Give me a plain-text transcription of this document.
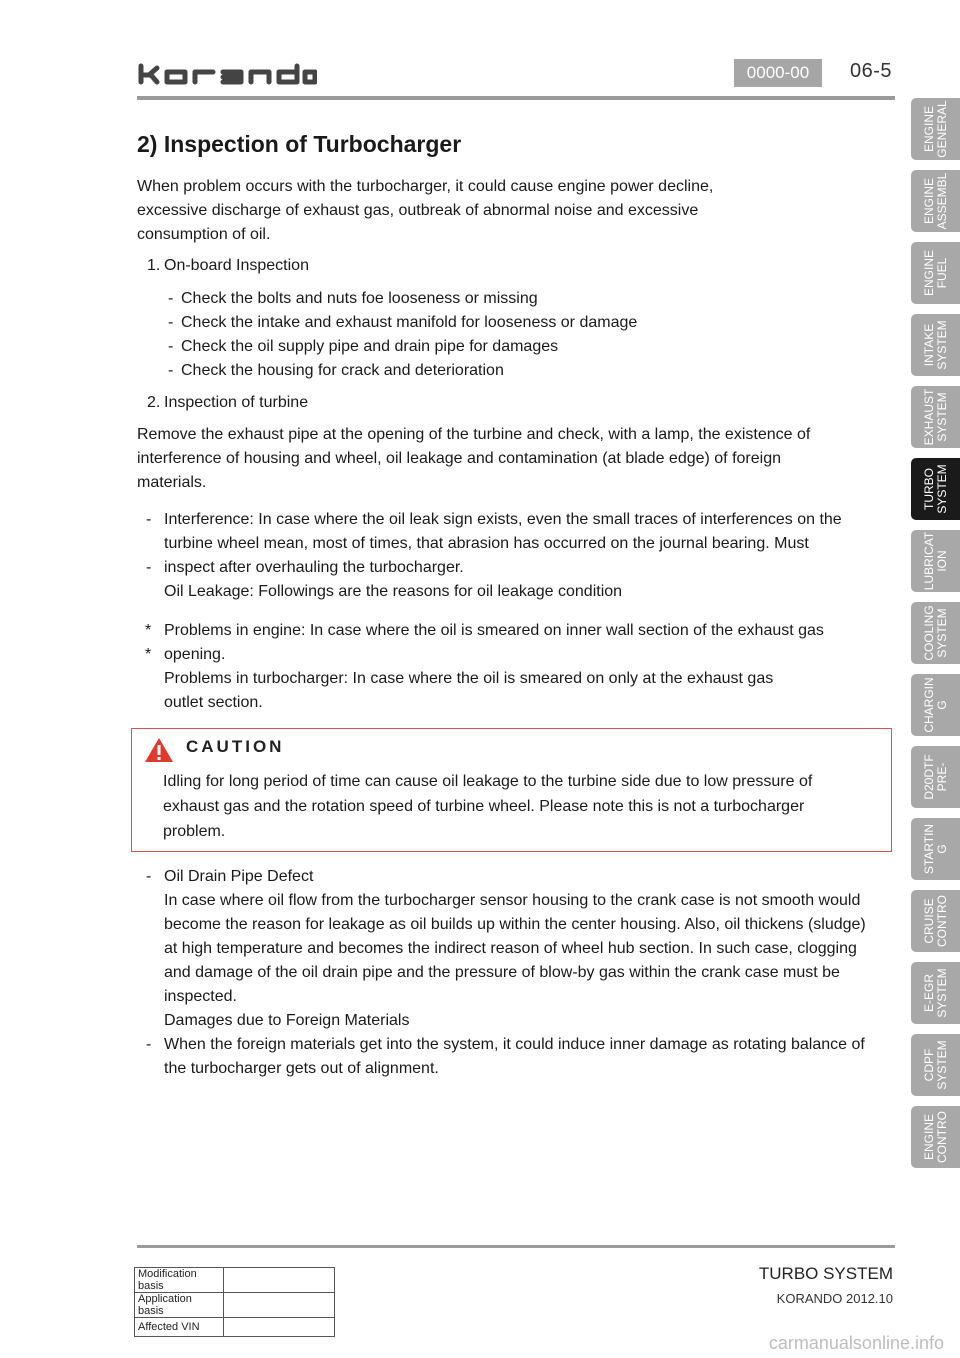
0000-00	06-5
ENGINE
GENERAL
ENGINE
ASSEMBL
ENGINE
FUEL
INTAKE
SYSTEM
EXHAUST
SYSTEM
TURBO
SYSTEM
LUBRICAT
ION
COOLING
SYSTEM
CHARGIN
G
D20DTF
PRE-
STARTIN
G
CRUISE
CONTRO
E-EGR
SYSTEM
CDPF
SYSTEM
ENGINE
CONTRO
2) Inspection of Turbocharger
When problem occurs with the turbocharger, it could cause engine power decline,
excessive discharge of exhaust gas, outbreak of abnormal noise and excessive
consumption of oil.
1. On-board Inspection
- Check the bolts and nuts foe looseness or missing
- Check the intake and exhaust manifold for looseness or damage
- Check the oil supply pipe and drain pipe for damages
- Check the housing for crack and deterioration
2. Inspection of turbine
Remove the exhaust pipe at the opening of the turbine and check, with a lamp, the existence of
interference of housing and wheel, oil leakage and contamination (at blade edge) of foreign
materials.
-

-
Interference: In case where the oil leak sign exists, even the small traces of interferences on the
turbine wheel mean, most of times, that abrasion has occurred on the journal bearing. Must
inspect after overhauling the turbocharger.
Oil Leakage: Followings are the reasons for oil leakage condition
*
*
Problems in engine: In case where the oil is smeared on inner wall section of the exhaust gas
opening.
Problems in turbocharger: In case where the oil is smeared on only at the exhaust gas
outlet section.
-

-
Oil Drain Pipe Defect
In case where oil flow from the turbocharger sensor housing to the crank case is not smooth would
become the reason for leakage as oil builds up within the center housing. Also, oil thickens (sludge)
at high temperature and becomes the indirect reason of wheel hub section. In such case, clogging
and damage of the oil drain pipe and the pressure of blow-by gas within the crank case must be
inspected.
Damages due to Foreign Materials
When the foreign materials get into the system, it could induce inner damage as rotating balance of
the turbocharger gets out of alignment.
CAUTION
Idling for long period of time can cause oil leakage to the turbine side due to low pressure of
exhaust gas and the rotation speed of turbine wheel. Please note this is not a turbocharger
problem.
Modification basis	
Application basis	
Affected VIN	
TURBO SYSTEM
KORANDO 2012.10
carmanualsonline.info
